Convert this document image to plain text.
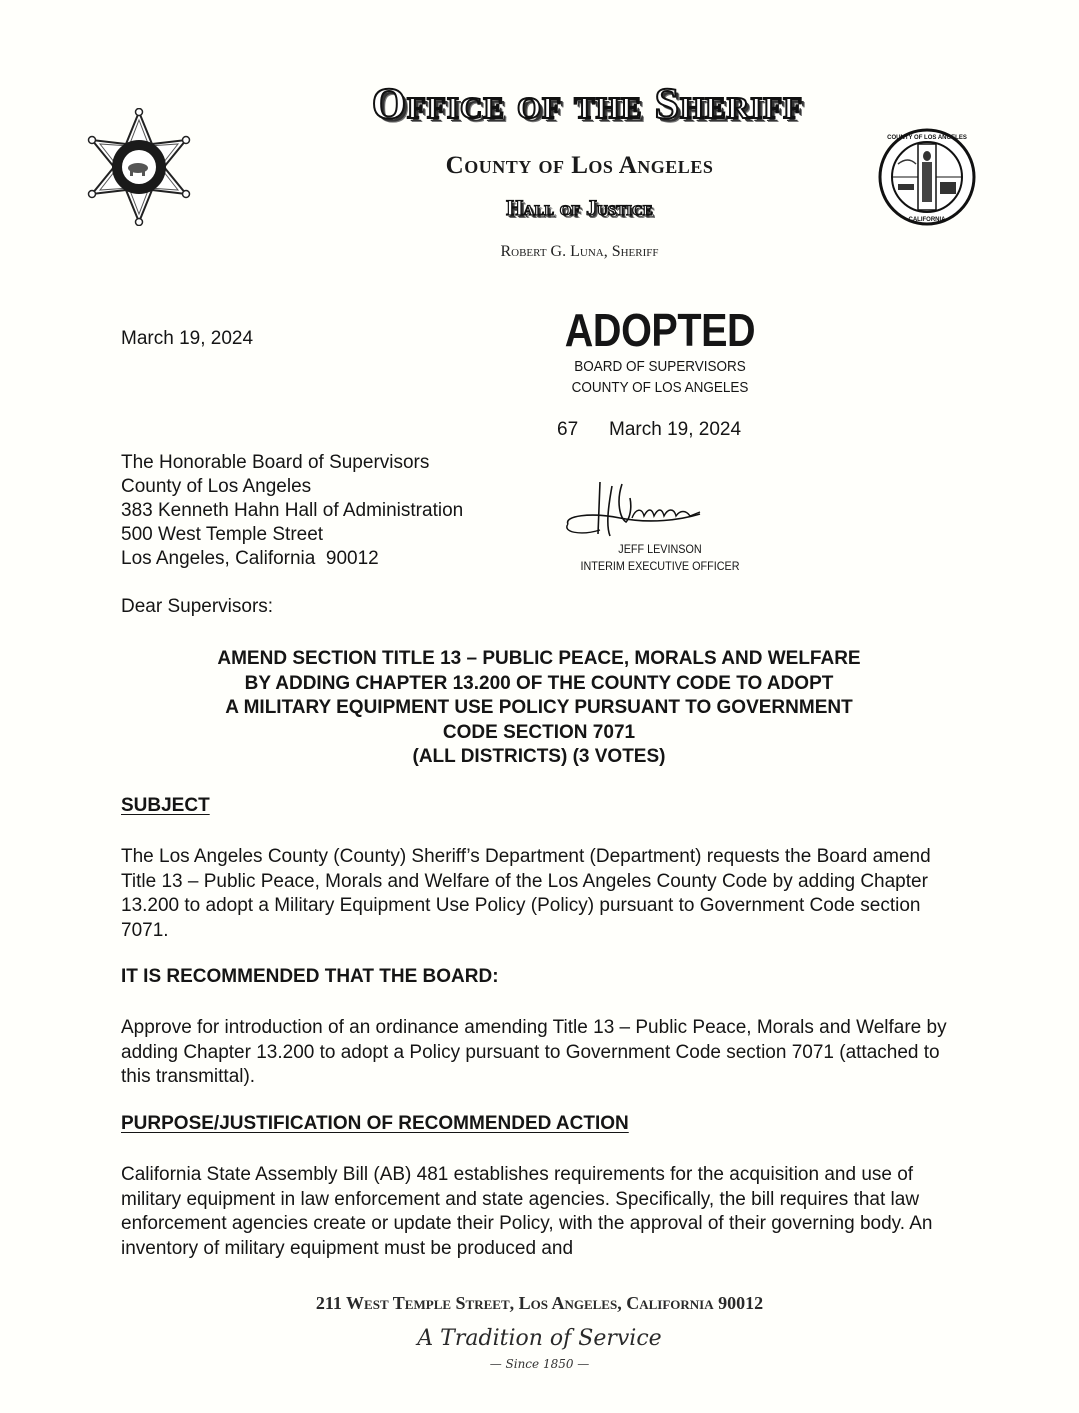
Office of the Sheriff
County of Los Angeles
Hall of Justice
Robert G. Luna, Sheriff
COUNTY OF LOS ANGELES
CALIFORNIA
March 19, 2024	ADOPTED
BOARD OF SUPERVISORS
COUNTY OF LOS ANGELES
67 March 19, 2024
The Honorable Board of Supervisors
County of Los Angeles
383 Kenneth Hahn Hall of Administration
500 West Temple Street
Los Angeles, California  90012	JEFF LEVINSON
INTERIM EXECUTIVE OFFICER
Dear Supervisors:
AMEND SECTION TITLE 13 – PUBLIC PEACE, MORALS AND WELFARE
BY ADDING CHAPTER 13.200 OF THE COUNTY CODE TO ADOPT
A MILITARY EQUIPMENT USE POLICY PURSUANT TO GOVERNMENT
CODE SECTION 7071
(ALL DISTRICTS) (3 VOTES)
SUBJECT
The Los Angeles County (County) Sheriff’s Department (Department) requests the Board amend Title 13 – Public Peace, Morals and Welfare of the Los Angeles County Code by adding Chapter 13.200 to adopt a Military Equipment Use Policy (Policy) pursuant to Government Code section 7071.
IT IS RECOMMENDED THAT THE BOARD:
Approve for introduction of an ordinance amending Title 13 – Public Peace, Morals and Welfare by adding Chapter 13.200 to adopt a Policy pursuant to Government Code section 7071 (attached to this transmittal).
PURPOSE/JUSTIFICATION OF RECOMMENDED ACTION
California State Assembly Bill (AB) 481 establishes requirements for the acquisition and use of military equipment in law enforcement and state agencies. Specifically, the bill requires that law enforcement agencies create or update their Policy, with the approval of their governing body. An inventory of military equipment must be produced and
211 West Temple Street, Los Angeles, California 90012
A Tradition of Service
— Since 1850 —
